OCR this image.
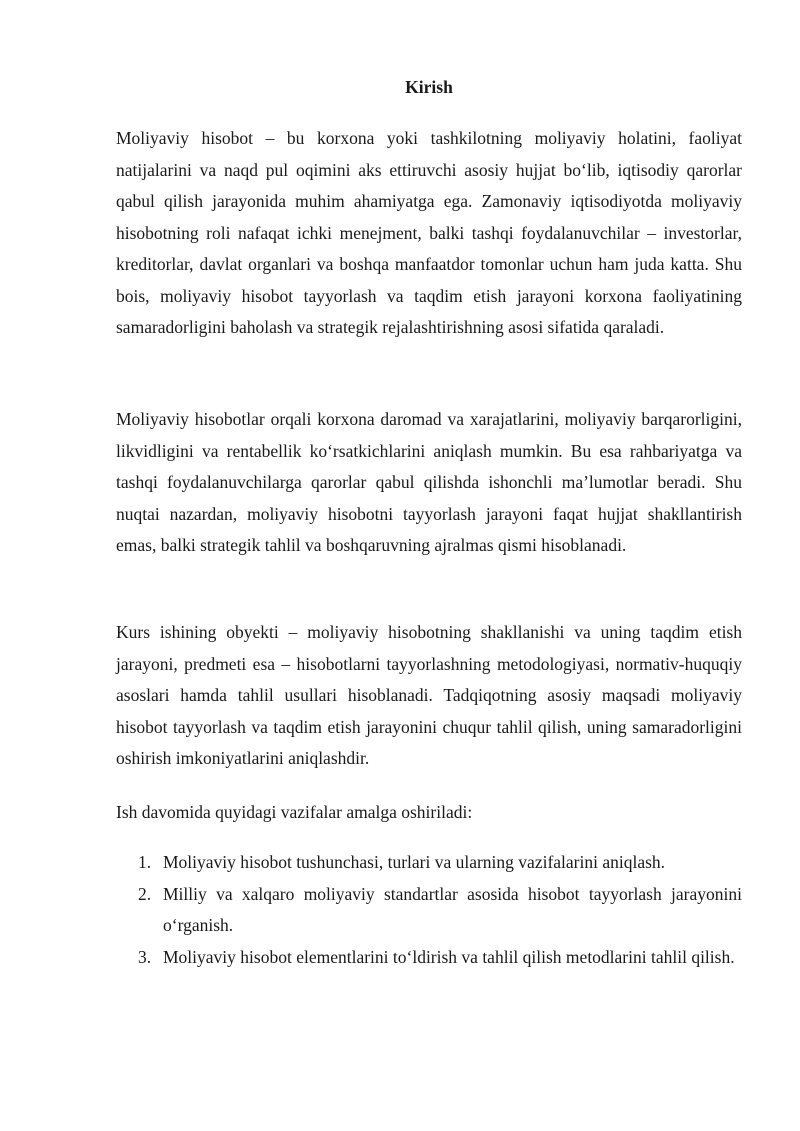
Kirish

Moliyaviy hisobot – bu korxona yoki tashkilotning moliyaviy holatini, faoliyat natijalarini va naqd pul oqimini aks ettiruvchi asosiy hujjat bo‘lib, iqtisodiy qarorlar qabul qilish jarayonida muhim ahamiyatga ega. Zamonaviy iqtisodiyotda moliyaviy hisobotning roli nafaqat ichki menejment, balki tashqi foydalanuvchilar – investorlar, kreditorlar, davlat organlari va boshqa manfaatdor tomonlar uchun ham juda katta. Shu bois, moliyaviy hisobot tayyorlash va taqdim etish jarayoni korxona faoliyatining samaradorligini baholash va strategik rejalashtirishning asosi sifatida qaraladi.

Moliyaviy hisobotlar orqali korxona daromad va xarajatlarini, moliyaviy barqarorligini, likvidligini va rentabellik ko‘rsatkichlarini aniqlash mumkin. Bu esa rahbariyatga va tashqi foydalanuvchilarga qarorlar qabul qilishda ishonchli ma’lumotlar beradi. Shu nuqtai nazardan, moliyaviy hisobotni tayyorlash jarayoni faqat hujjat shakllantirish emas, balki strategik tahlil va boshqaruvning ajralmas qismi hisoblanadi.

Kurs ishining obyekti – moliyaviy hisobotning shakllanishi va uning taqdim etish jarayoni, predmeti esa – hisobotlarni tayyorlashning metodologiyasi, normativ-huquqiy asoslari hamda tahlil usullari hisoblanadi. Tadqiqotning asosiy maqsadi moliyaviy hisobot tayyorlash va taqdim etish jarayonini chuqur tahlil qilish, uning samaradorligini oshirish imkoniyatlarini aniqlashdir.

Ish davomida quyidagi vazifalar amalga oshiriladi:

1. Moliyaviy hisobot tushunchasi, turlari va ularning vazifalarini aniqlash.
2. Milliy va xalqaro moliyaviy standartlar asosida hisobot tayyorlash jarayonini o‘rganish.
3. Moliyaviy hisobot elementlarini to‘ldirish va tahlil qilish metodlarini tahlil qilish.
